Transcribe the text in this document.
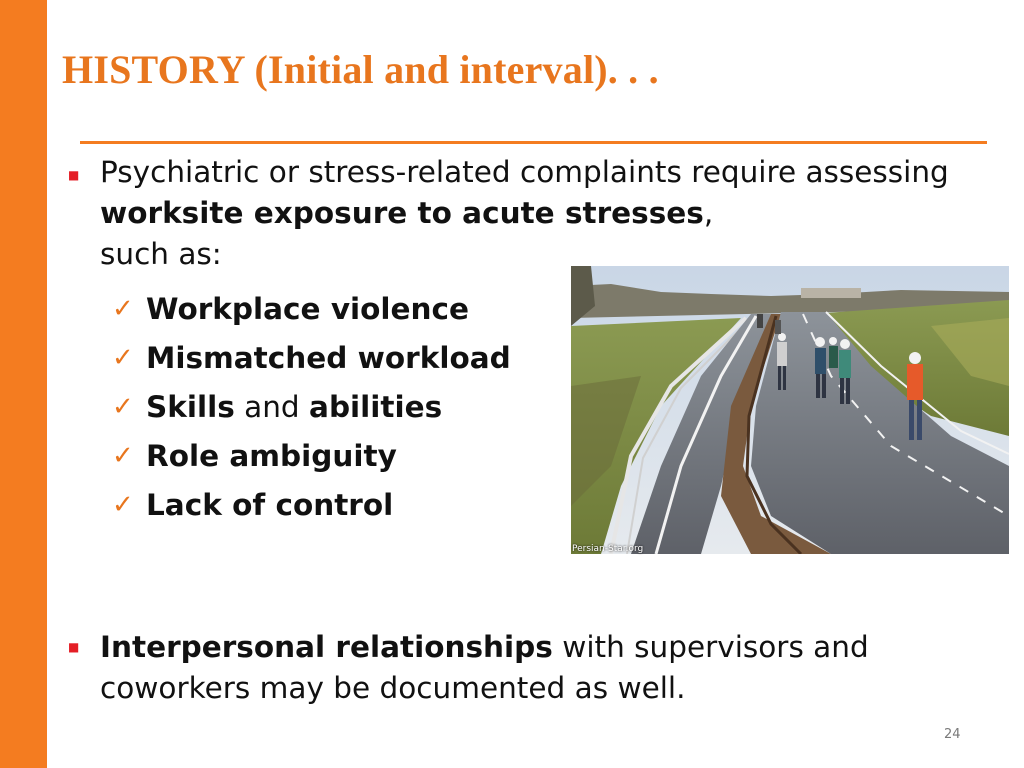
HISTORY (Initial and interval). . .
■ Psychiatric or stress-related complaints require assessing worksite exposure to acute stresses,
such as:

✓ Workplace violence
✓ Mismatched workload
✓ Skills and abilities
✓ Role ambiguity
✓ Lack of control
Persian-Star.org
■ Interpersonal relationships with supervisors and coworkers may be documented as well.

24
